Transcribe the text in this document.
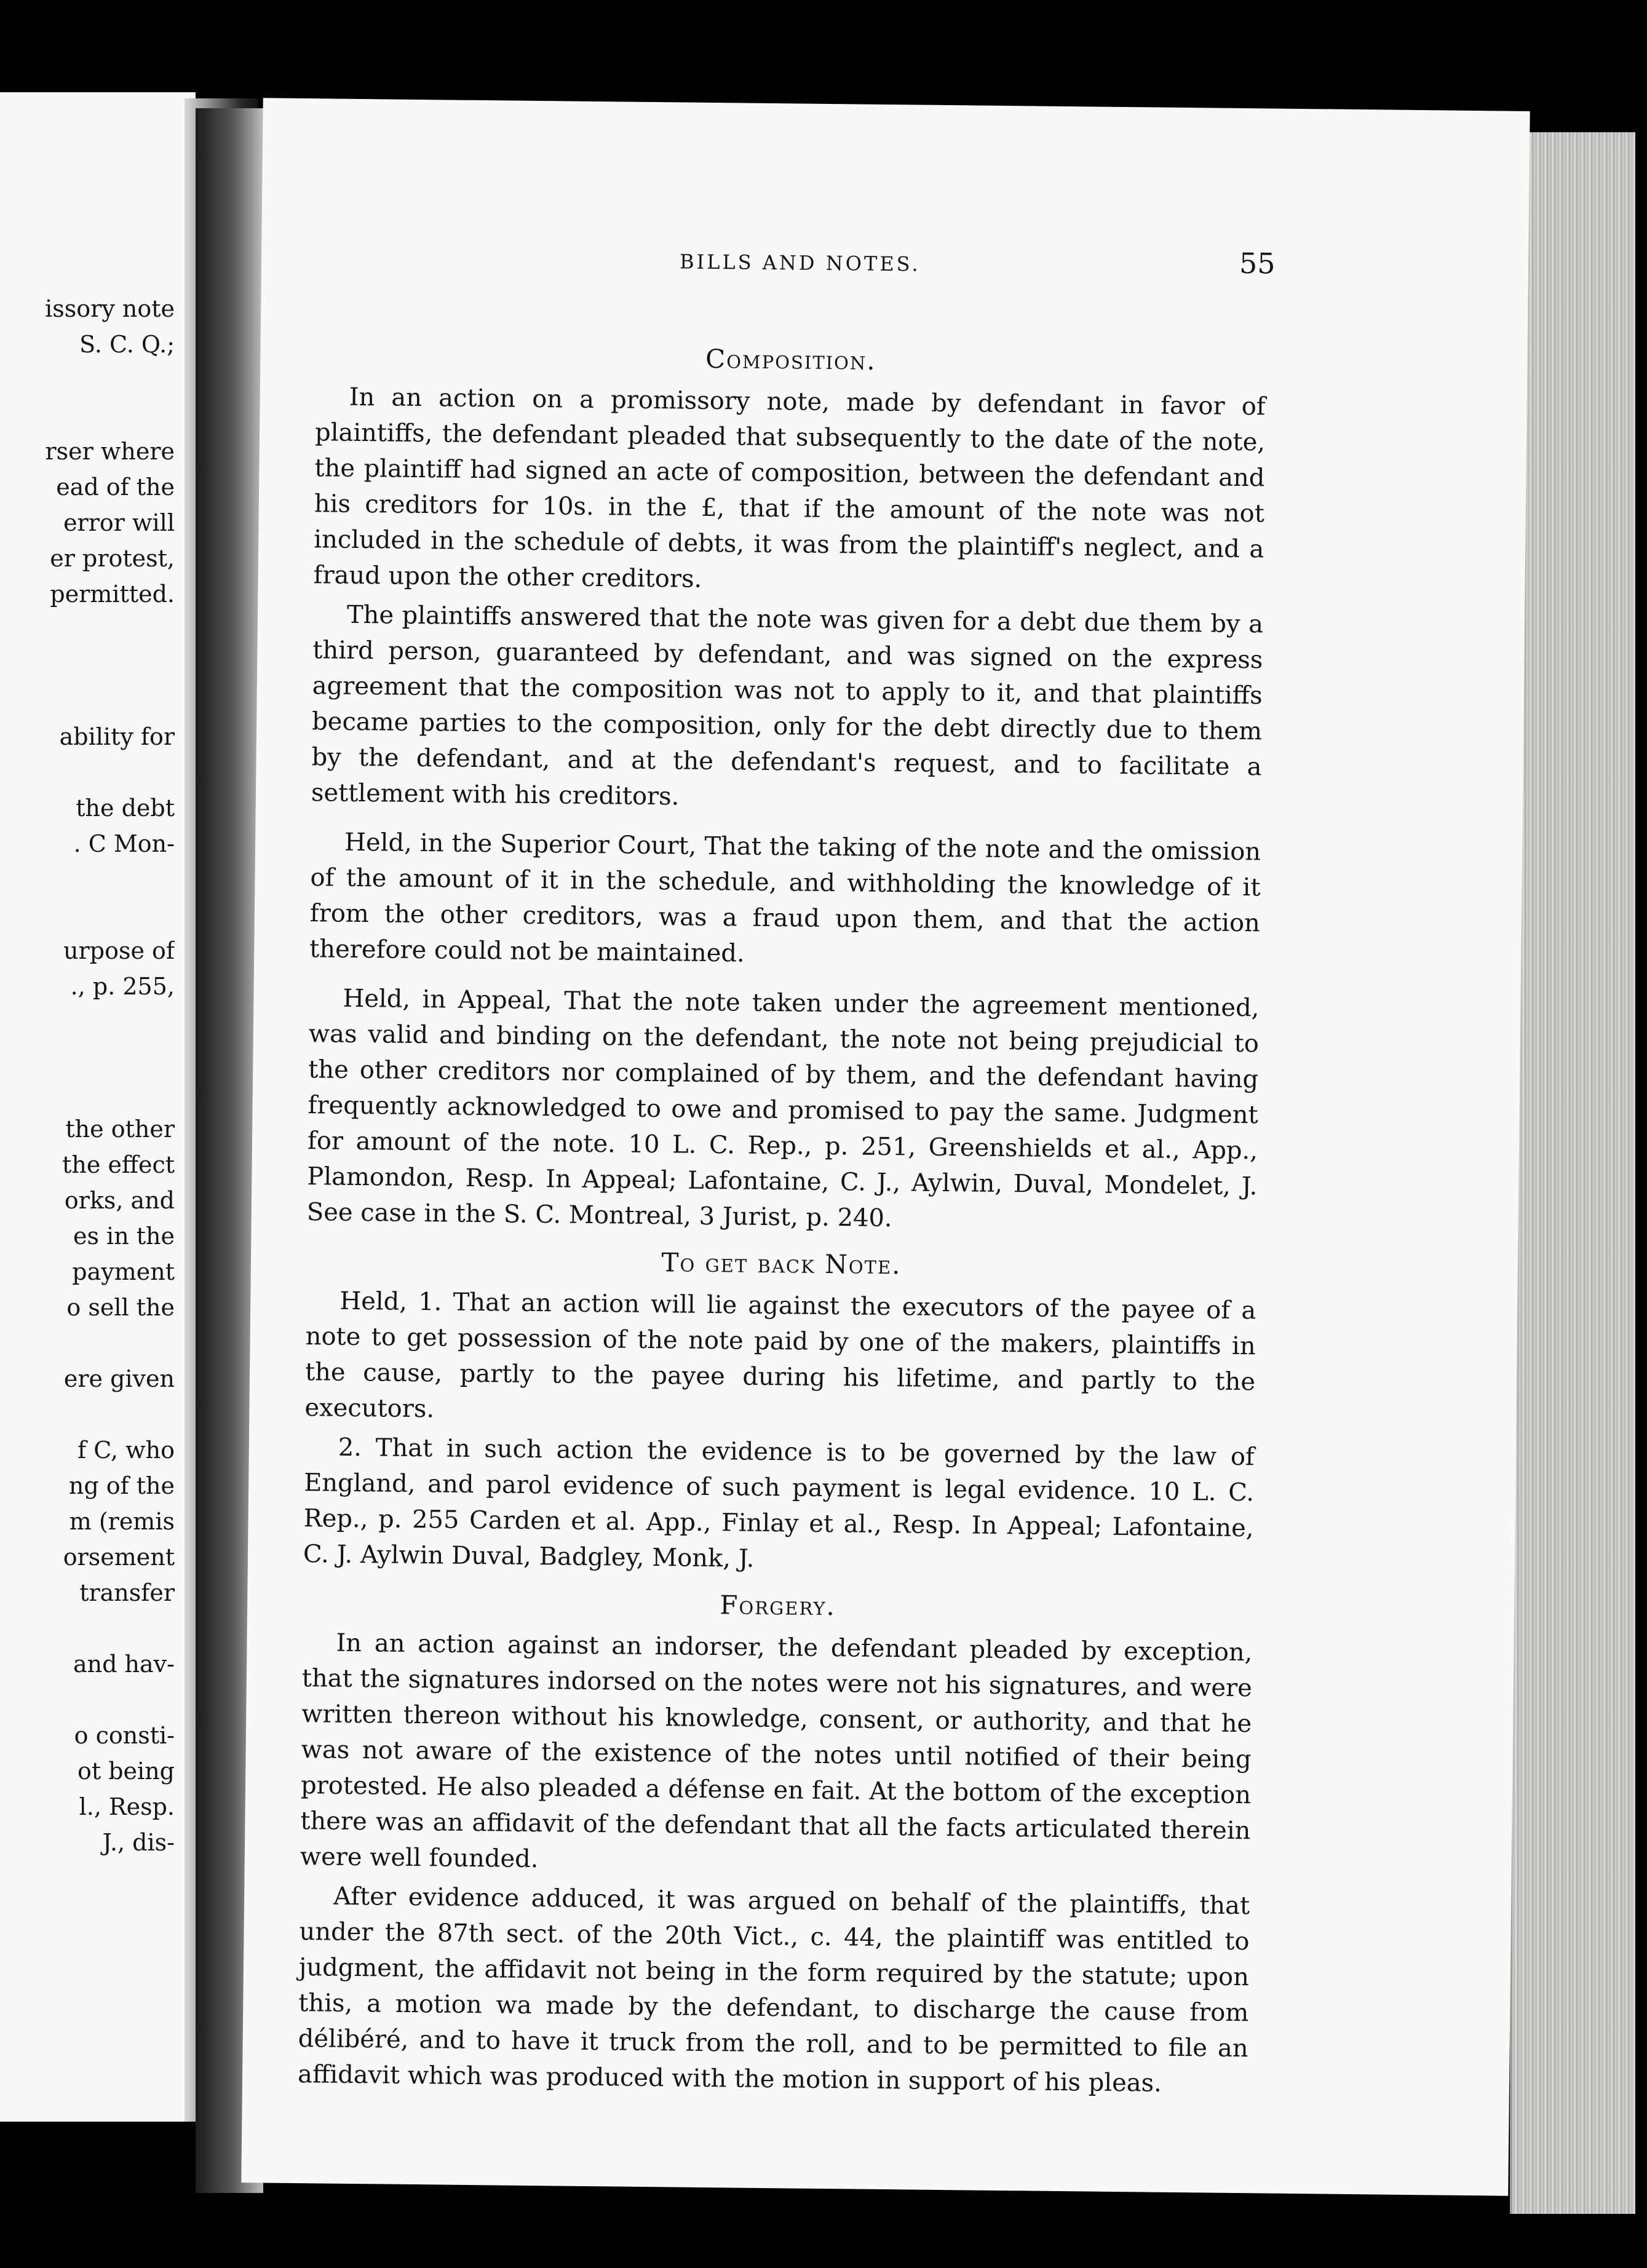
issory note
S. C. Q.;
rser where
ead of the
error will
er protest,
permitted.
ability for
the debt
. C Mon-
urpose of
., p. 255,
the other
the effect
orks, and
es in the
payment
o sell the
ere given
f C, who
ng of the
m (remis
orsement
transfer
and hav-
o consti-
ot being
l., Resp.
J., dis-
BILLS AND NOTES.	55
Composition.

In an action on a promissory note, made by defendant in favor of plaintiffs, the defendant pleaded that subsequently to the date of the note, the plaintiff had signed an acte of composition, between the defendant and his creditors for 10s. in the £, that if the amount of the note was not included in the schedule of debts, it was from the plaintiff's neglect, and a fraud upon the other creditors.

The plaintiffs answered that the note was given for a debt due them by a third person, guaranteed by defendant, and was signed on the express agreement that the composition was not to apply to it, and that plaintiffs became parties to the composition, only for the debt directly due to them by the defendant, and at the defendant's request, and to facilitate a settlement with his creditors.

Held, in the Superior Court, That the taking of the note and the omission of the amount of it in the schedule, and withholding the knowledge of it from the other creditors, was a fraud upon them, and that the action therefore could not be maintained.

Held, in Appeal, That the note taken under the agreement mentioned, was valid and binding on the defendant, the note not being prejudicial to the other creditors nor complained of by them, and the defendant having frequently acknowledged to owe and promised to pay the same. Judgment for amount of the note. 10 L. C. Rep., p. 251, Greenshields et al., App., Plamondon, Resp. In Appeal; Lafontaine, C. J., Aylwin, Duval, Mondelet, J. See case in the S. C. Montreal, 3 Jurist, p. 240.

To get back Note.

Held, 1. That an action will lie against the executors of the payee of a note to get possession of the note paid by one of the makers, plaintiffs in the cause, partly to the payee during his lifetime, and partly to the executors.

2. That in such action the evidence is to be governed by the law of England, and parol evidence of such payment is legal evidence. 10 L. C. Rep., p. 255 Carden et al. App., Finlay et al., Resp. In Appeal; Lafontaine, C. J. Aylwin Duval, Badgley, Monk, J.

Forgery.

In an action against an indorser, the defendant pleaded by exception, that the signatures indorsed on the notes were not his signatures, and were written thereon without his knowledge, consent, or authority, and that he was not aware of the existence of the notes until notified of their being protested. He also pleaded a défense en fait. At the bottom of the exception there was an affidavit of the defendant that all the facts articulated therein were well founded.

After evidence adduced, it was argued on behalf of the plaintiffs, that under the 87th sect. of the 20th Vict., c. 44, the plaintiff was entitled to judgment, the affidavit not being in the form required by the statute; upon this, a motion wa made by the defendant, to discharge the cause from délibéré, and to have it truck from the roll, and to be permitted to file an affidavit which was produced with the motion in support of his pleas.
